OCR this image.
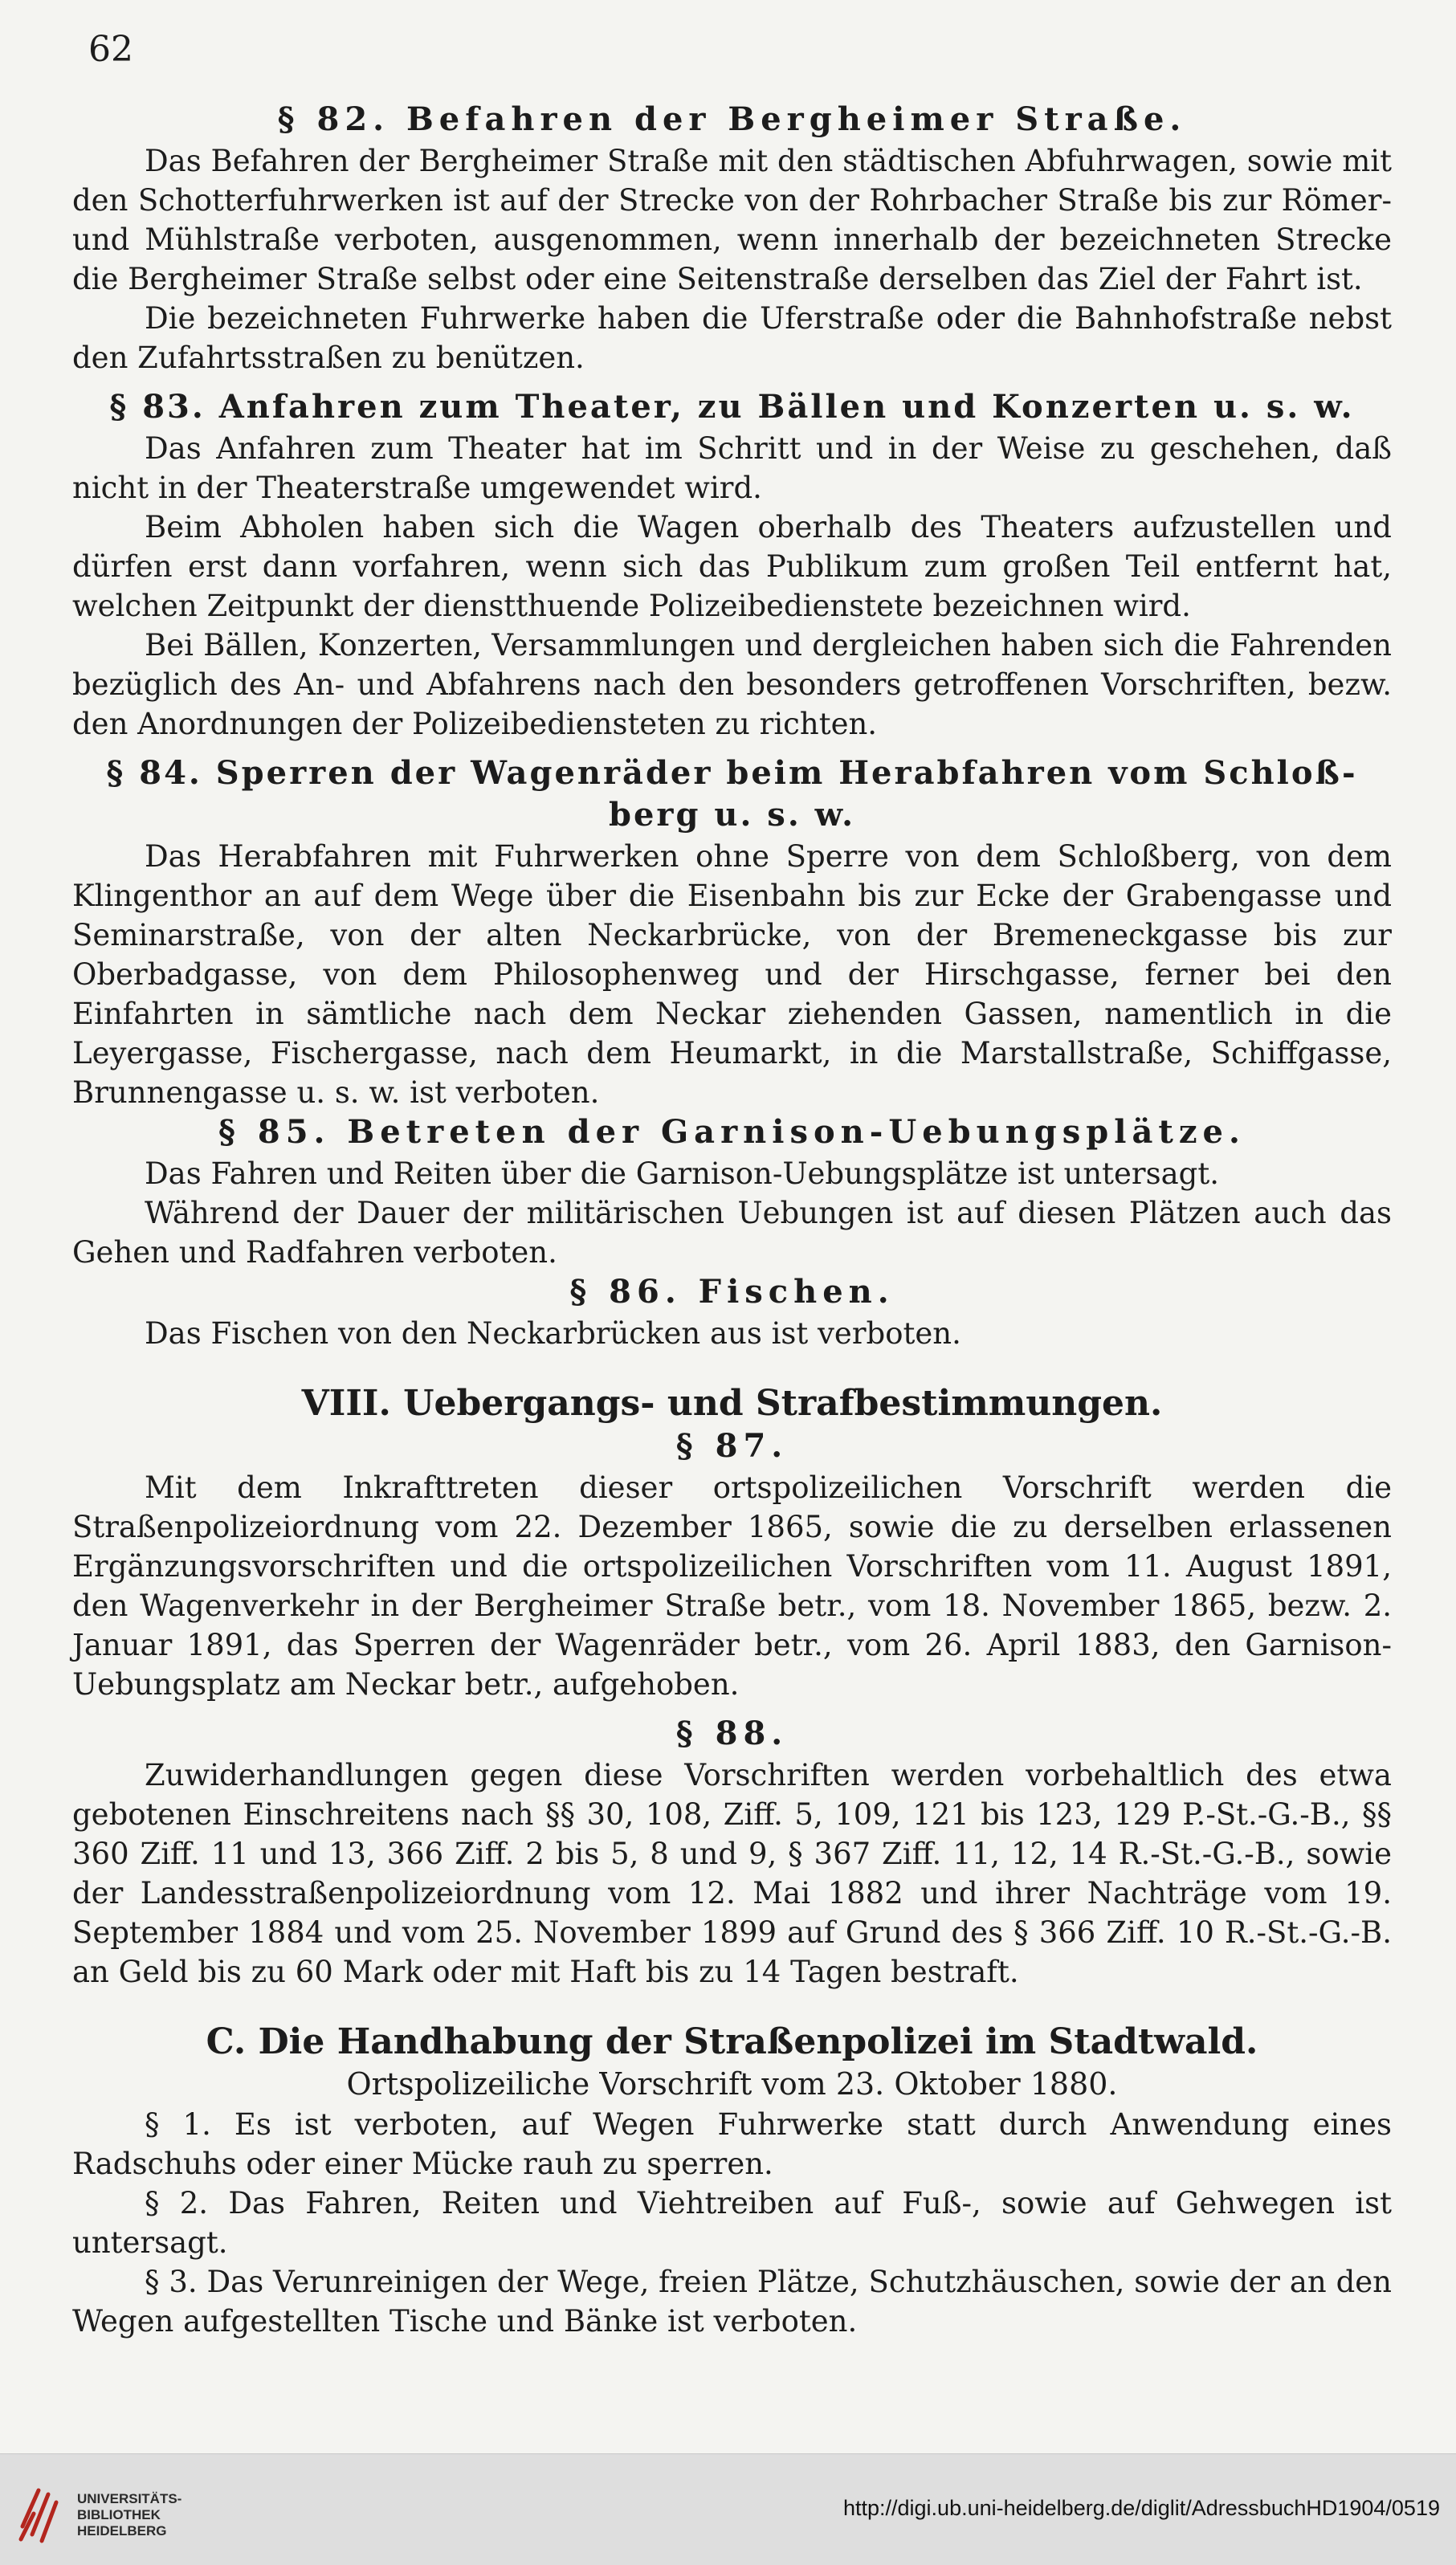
62
§ 82. Befahren der Bergheimer Straße.

Das Befahren der Bergheimer Straße mit den städtischen Abfuhrwagen, sowie mit den Schotterfuhrwerken ist auf der Strecke von der Rohrbacher Straße bis zur Römer- und Mühlstraße verboten, ausgenommen, wenn innerhalb der bezeichneten Strecke die Bergheimer Straße selbst oder eine Seitenstraße derselben das Ziel der Fahrt ist.

Die bezeichneten Fuhrwerke haben die Uferstraße oder die Bahnhofstraße nebst den Zufahrtsstraßen zu benützen.

§ 83. Anfahren zum Theater, zu Bällen und Konzerten u. s. w.

Das Anfahren zum Theater hat im Schritt und in der Weise zu geschehen, daß nicht in der Theaterstraße umgewendet wird.

Beim Abholen haben sich die Wagen oberhalb des Theaters aufzustellen und dürfen erst dann vorfahren, wenn sich das Publikum zum großen Teil entfernt hat, welchen Zeitpunkt der dienstthuende Polizeibedienstete bezeichnen wird.

Bei Bällen, Konzerten, Versammlungen und dergleichen haben sich die Fahrenden bezüglich des An- und Abfahrens nach den besonders getroffenen Vorschriften, bezw. den Anordnungen der Polizeibediensteten zu richten.

§ 84. Sperren der Wagenräder beim Herabfahren vom Schloß-
berg u. s. w.

Das Herabfahren mit Fuhrwerken ohne Sperre von dem Schloßberg, von dem Klingenthor an auf dem Wege über die Eisenbahn bis zur Ecke der Grabengasse und Seminarstraße, von der alten Neckarbrücke, von der Bremeneckgasse bis zur Oberbadgasse, von dem Philosophenweg und der Hirschgasse, ferner bei den Einfahrten in sämtliche nach dem Neckar ziehenden Gassen, namentlich in die Leyergasse, Fischergasse, nach dem Heumarkt, in die Marstallstraße, Schiffgasse, Brunnengasse u. s. w. ist verboten.

§ 85. Betreten der Garnison-Uebungsplätze.

Das Fahren und Reiten über die Garnison-Uebungsplätze ist untersagt.

Während der Dauer der militärischen Uebungen ist auf diesen Plätzen auch das Gehen und Radfahren verboten.

§ 86. Fischen.

Das Fischen von den Neckarbrücken aus ist verboten.

VIII. Uebergangs- und Strafbestimmungen.
§ 87.

Mit dem Inkrafttreten dieser ortspolizeilichen Vorschrift werden die Straßenpolizeiordnung vom 22. Dezember 1865, sowie die zu derselben erlassenen Ergänzungsvorschriften und die ortspolizeilichen Vorschriften vom 11. August 1891, den Wagenverkehr in der Bergheimer Straße betr., vom 18. November 1865, bezw. 2. Januar 1891, das Sperren der Wagenräder betr., vom 26. April 1883, den Garnison-Uebungsplatz am Neckar betr., aufgehoben.

§ 88.

Zuwiderhandlungen gegen diese Vorschriften werden vorbehaltlich des etwa gebotenen Einschreitens nach §§ 30, 108, Ziff. 5, 109, 121 bis 123, 129 P.-St.-G.-B., §§ 360 Ziff. 11 und 13, 366 Ziff. 2 bis 5, 8 und 9, § 367 Ziff. 11, 12, 14 R.-St.-G.-B., sowie der Landesstraßenpolizeiordnung vom 12. Mai 1882 und ihrer Nachträge vom 19. September 1884 und vom 25. November 1899 auf Grund des § 366 Ziff. 10 R.-St.-G.-B. an Geld bis zu 60 Mark oder mit Haft bis zu 14 Tagen bestraft.

C. Die Handhabung der Straßenpolizei im Stadtwald.
Ortspolizeiliche Vorschrift vom 23. Oktober 1880.

§ 1. Es ist verboten, auf Wegen Fuhrwerke statt durch Anwendung eines Radschuhs oder einer Mücke rauh zu sperren.

§ 2. Das Fahren, Reiten und Viehtreiben auf Fuß-, sowie auf Gehwegen ist untersagt.

§ 3. Das Verunreinigen der Wege, freien Plätze, Schutzhäuschen, sowie der an den Wegen aufgestellten Tische und Bänke ist verboten.

UNIVERSITÄTS-
BIBLIOTHEK
HEIDELBERG
http://digi.ub.uni-heidelberg.de/diglit/AdressbuchHD1904/0519
